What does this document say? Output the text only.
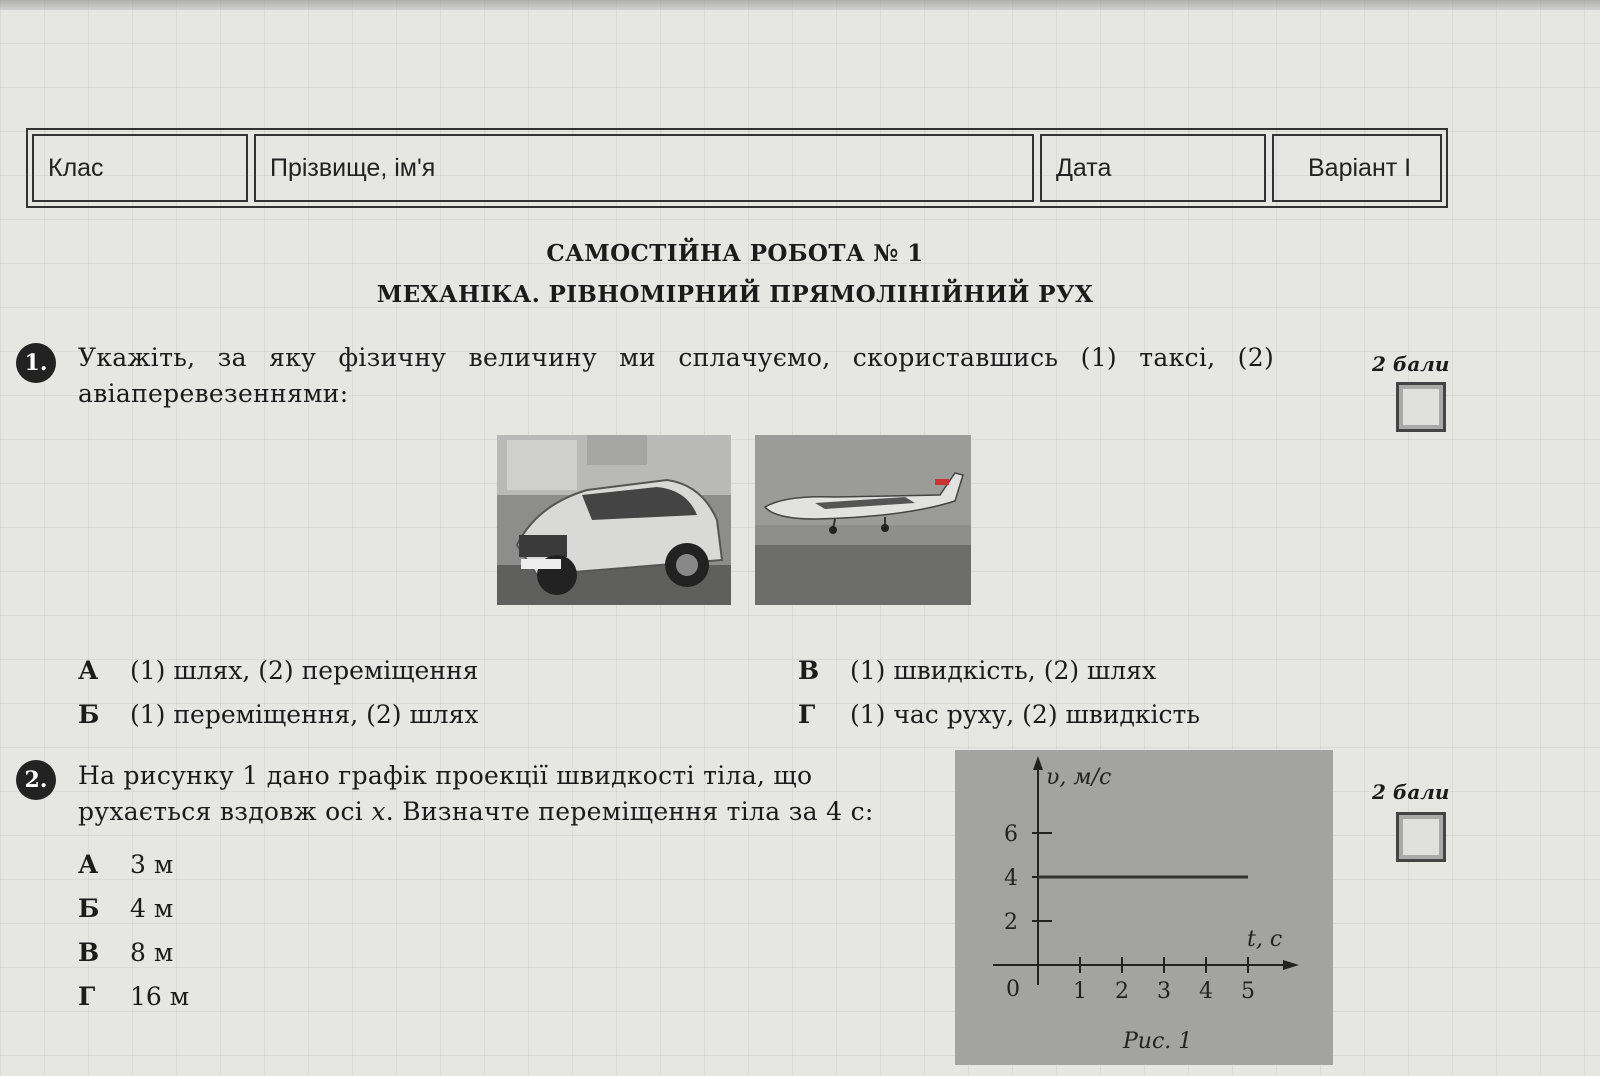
Клас	Прізвище, ім'я	Дата	Варіант І
САМОСТІЙНА РОБОТА № 1
МЕХАНІКА. РІВНОМІРНИЙ ПРЯМОЛІНІЙНИЙ РУХ
1.	Укажіть, за яку фізичну величину ми сплачуємо, скориставшись (1) таксі, (2) авіаперевезеннями:
2 бали
А	(1) шлях, (2) переміщення
Б	(1) переміщення, (2) шлях
В	(1) швидкість, (2) шлях
Г	(1) час руху, (2) швидкість
2.	На рисунку 1 дано графік проекції швидкості тіла, що
рухається вздовж осі x. Визначте переміщення тіла за 4 с:
2 бали
А	3 м
Б	4 м
В	8 м
Г	16 м
υ, м/с
t, с
0
2
4
6
1 2 3 4 5
Рис. 1
